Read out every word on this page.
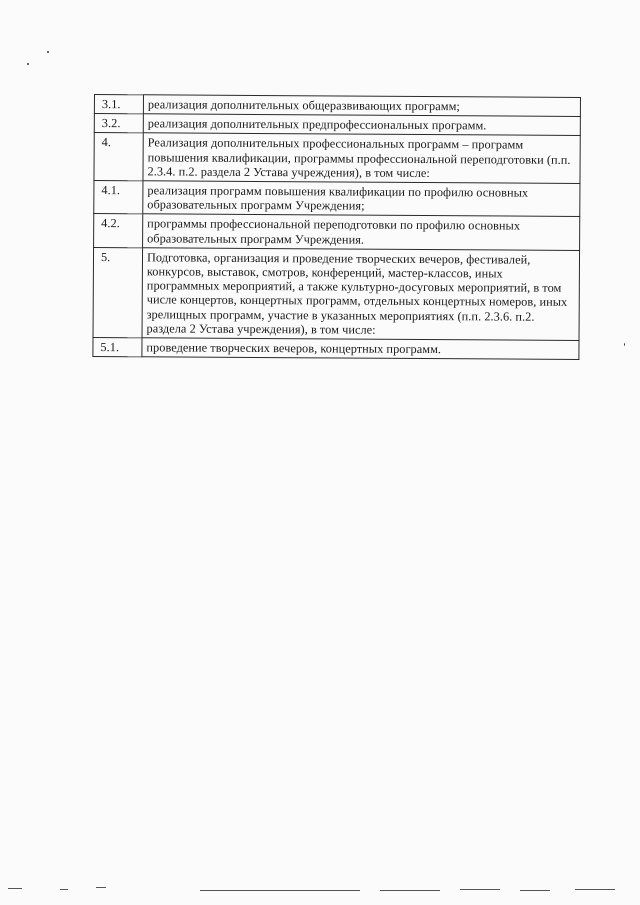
3.1.	реализация дополнительных общеразвивающих программ;
3.2.	реализация дополнительных предпрофессиональных программ.
4.	Реализация дополнительных профессиональных программ – программ повышения квалификации, программы профессиональной переподготовки (п.п. 2.3.4. п.2. раздела 2 Устава учреждения), в том числе:
4.1.	реализация программ повышения квалификации по профилю основных образовательных программ Учреждения;
4.2.	программы профессиональной переподготовки по профилю основных образовательных программ Учреждения.
5.	Подготовка, организация и проведение творческих вечеров, фестивалей, конкурсов, выставок, смотров, конференций, мастер-классов, иных программных мероприятий, а также культурно-досуговых мероприятий, в том числе концертов, концертных программ, отдельных концертных номеров, иных зрелищных программ, участие в указанных мероприятиях (п.п. 2.3.6. п.2. раздела 2 Устава учреждения), в том числе:
5.1.	проведение творческих вечеров, концертных программ.
